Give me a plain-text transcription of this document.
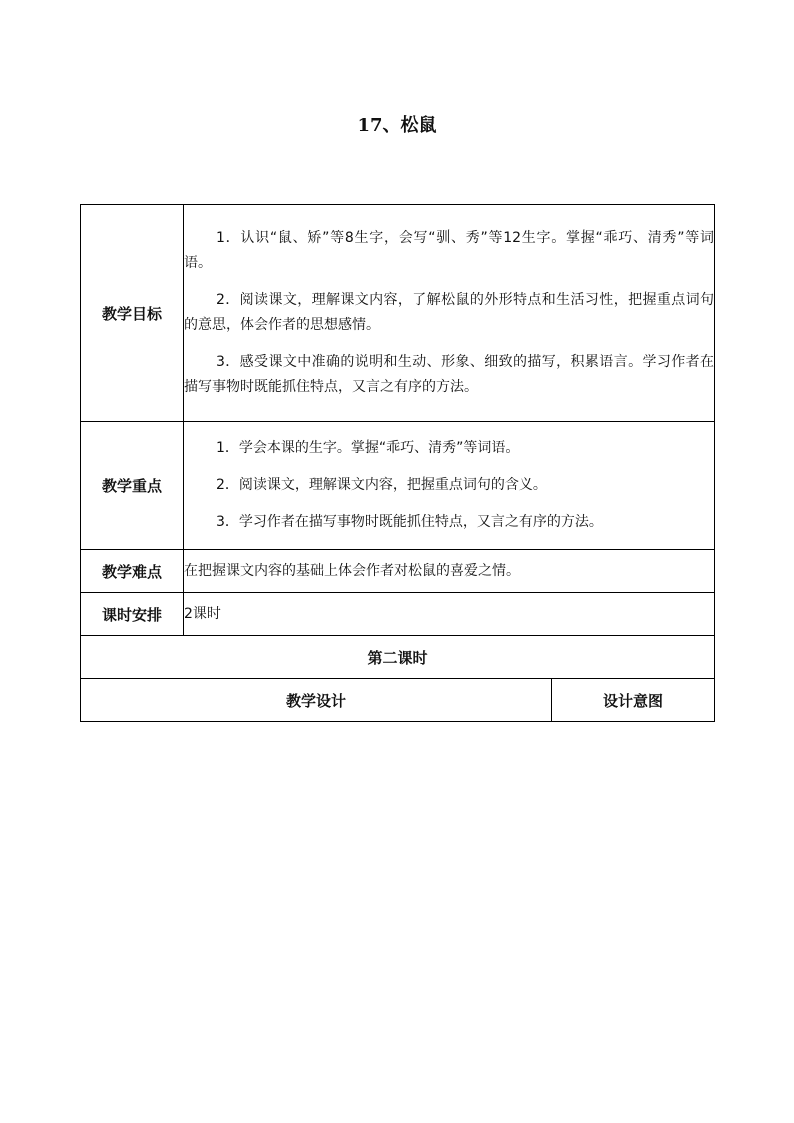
17、松鼠
教学目标	1．认识“鼠、矫”等8生字，会写“驯、秀”等12生字。掌握“乖巧、清秀”等词语。

2．阅读课文，理解课文内容，了解松鼠的外形特点和生活习性，把握重点词句的意思，体会作者的思想感情。

3．感受课文中准确的说明和生动、形象、细致的描写，积累语言。学习作者在描写事物时既能抓住特点，又言之有序的方法。	

教学重点	1．学会本课的生字。掌握“乖巧、清秀”等词语。

2．阅读课文，理解课文内容，把握重点词句的含义。

3．学习作者在描写事物时既能抓住特点，又言之有序的方法。	

教学难点	在把握课文内容的基础上体会作者对松鼠的喜爱之情。	
课时安排	2课时	
第二课时		
教学设计		设计意图
